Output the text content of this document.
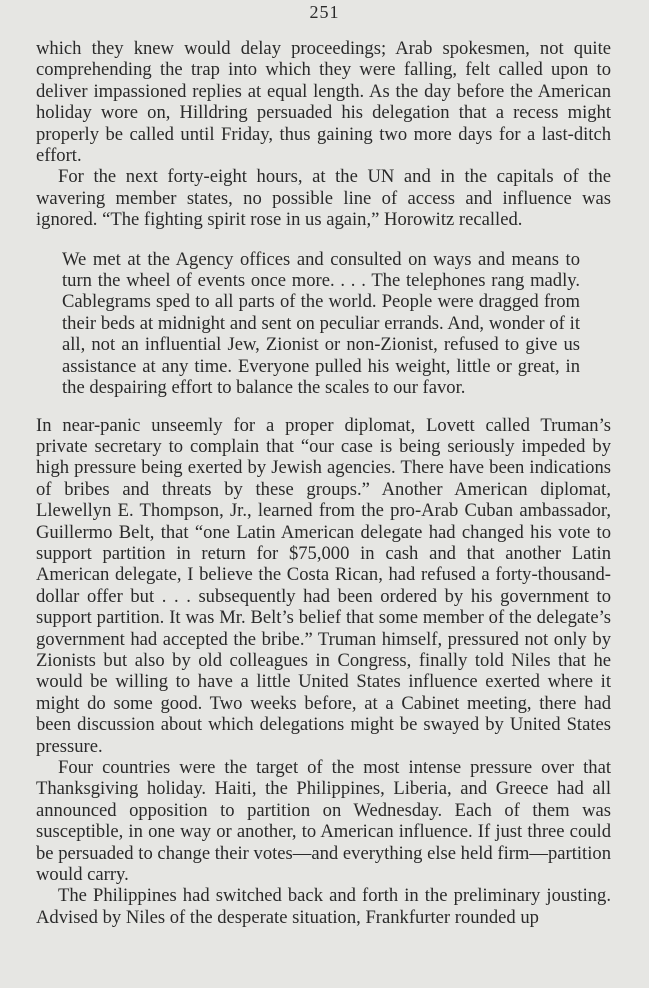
251

which they knew would delay proceedings; Arab spokesmen, not quite comprehending the trap into which they were falling, felt called upon to deliver impassioned replies at equal length. As the day before the American holiday wore on, Hilldring persuaded his delegation that a recess might properly be called until Friday, thus gaining two more days for a last-ditch effort.

For the next forty-eight hours, at the UN and in the capitals of the wavering member states, no possible line of access and influence was ignored. “The fighting spirit rose in us again,” Horowitz recalled.

We met at the Agency offices and consulted on ways and means to turn the wheel of events once more. . . . The telephones rang madly. Cablegrams sped to all parts of the world. People were dragged from their beds at midnight and sent on peculiar errands. And, wonder of it all, not an influential Jew, Zionist or non-Zionist, refused to give us assistance at any time. Everyone pulled his weight, little or great, in the despairing effort to balance the scales to our favor.

In near-panic unseemly for a proper diplomat, Lovett called Truman’s private secretary to complain that “our case is being seriously impeded by high pressure being exerted by Jewish agencies. There have been indications of bribes and threats by these groups.” Another American diplomat, Llewellyn E. Thompson, Jr., learned from the pro-Arab Cuban ambassador, Guillermo Belt, that “one Latin American delegate had changed his vote to support partition in return for $75,000 in cash and that another Latin American delegate, I believe the Costa Rican, had refused a forty-thousand-dollar offer but . . . subsequently had been ordered by his government to support partition. It was Mr. Belt’s belief that some member of the delegate’s government had accepted the bribe.” Truman himself, pressured not only by Zionists but also by old colleagues in Congress, finally told Niles that he would be willing to have a little United States influence exerted where it might do some good. Two weeks before, at a Cabinet meeting, there had been discussion about which delegations might be swayed by United States pressure.

Four countries were the target of the most intense pressure over that Thanksgiving holiday. Haiti, the Philippines, Liberia, and Greece had all announced opposition to partition on Wednesday. Each of them was susceptible, in one way or another, to American influence. If just three could be persuaded to change their votes—and everything else held firm—partition would carry.

The Philippines had switched back and forth in the preliminary jousting. Advised by Niles of the desperate situation, Frankfurter rounded up
